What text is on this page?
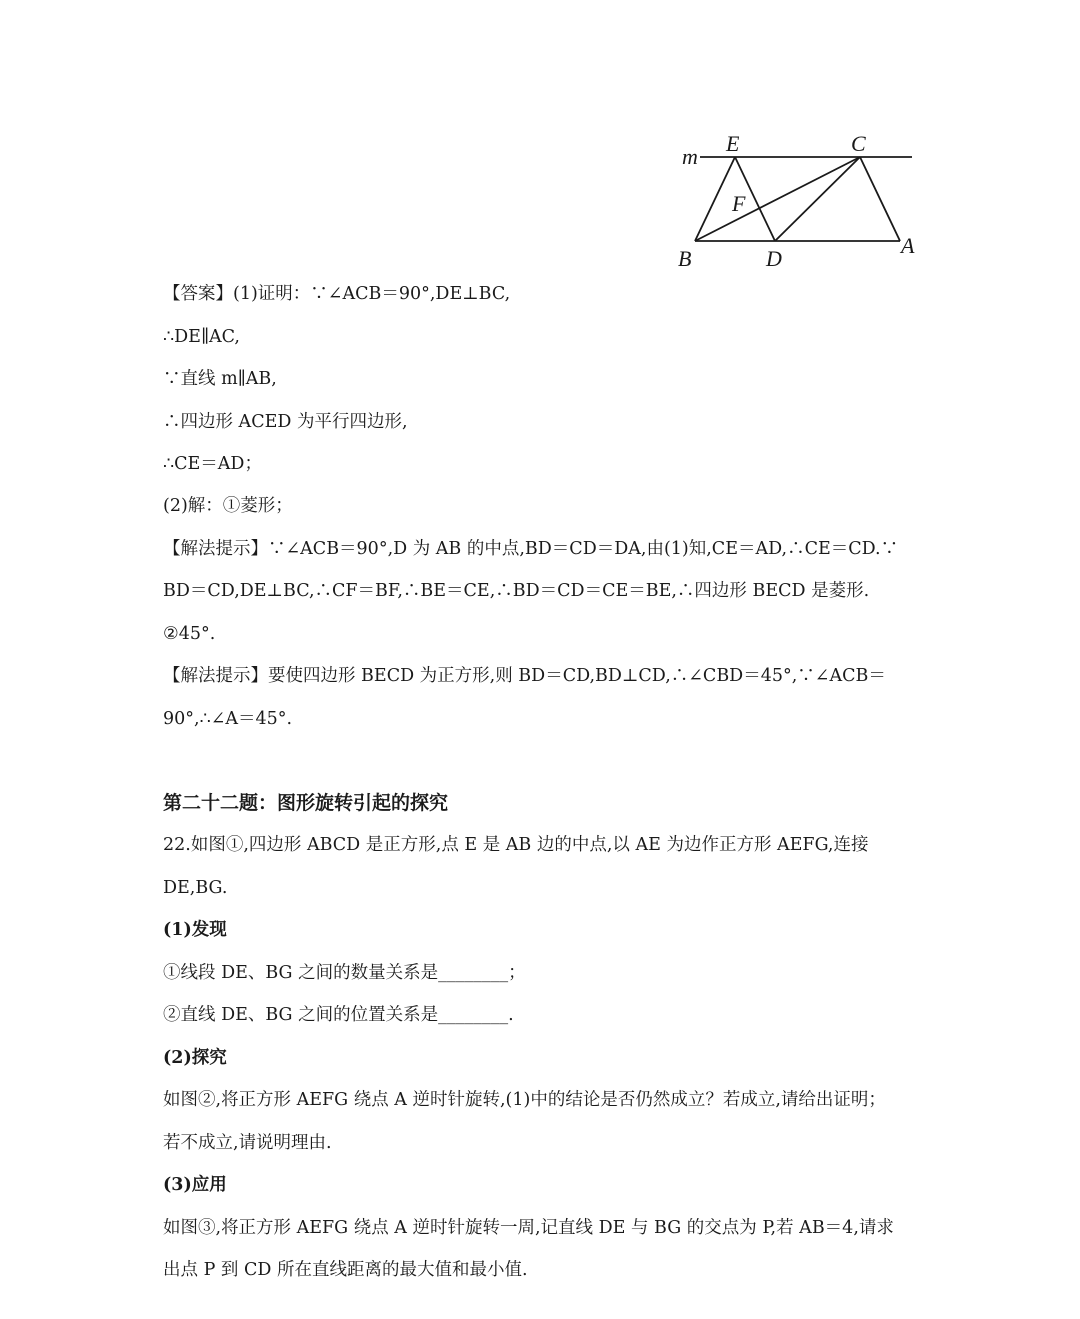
m
E	C
F
B	D
A
【答案】(1)证明：∵∠ACB＝90°,DE⊥BC,
∴DE∥AC,
∵直线 m∥AB,
∴四边形 ACED 为平行四边形,
∴CE＝AD；
(2)解：①菱形；
【解法提示】∵∠ACB＝90°,D 为 AB 的中点,BD＝CD＝DA,由(1)知,CE＝AD,∴CE＝CD.∵
BD＝CD,DE⊥BC,∴CF＝BF,∴BE＝CE,∴BD＝CD＝CE＝BE,∴四边形 BECD 是菱形.
②45°.
【解法提示】要使四边形 BECD 为正方形,则 BD＝CD,BD⊥CD,∴∠CBD＝45°,∵∠ACB＝
90°,∴∠A＝45°.
第二十二题：图形旋转引起的探究
22.如图①,四边形 ABCD 是正方形,点 E 是 AB 边的中点,以 AE 为边作正方形 AEFG,连接
DE,BG.
(1)发现
①线段 DE、BG 之间的数量关系是________；
②直线 DE、BG 之间的位置关系是________.
(2)探究
如图②,将正方形 AEFG 绕点 A 逆时针旋转,(1)中的结论是否仍然成立？若成立,请给出证明；
若不成立,请说明理由.
(3)应用
如图③,将正方形 AEFG 绕点 A 逆时针旋转一周,记直线 DE 与 BG 的交点为 P,若 AB＝4,请求
出点 P 到 CD 所在直线距离的最大值和最小值.
